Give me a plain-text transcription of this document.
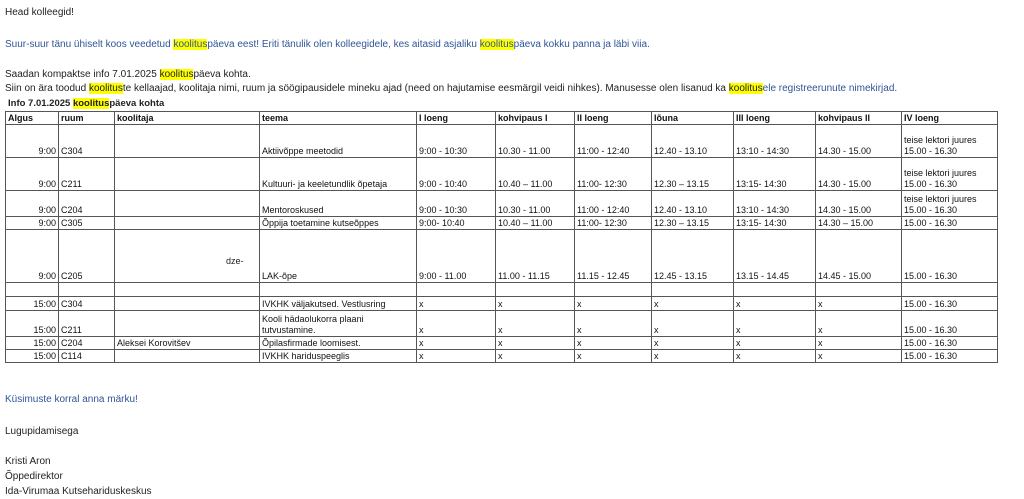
Head kolleegid!
Suur-suur tänu ühiselt koos veedetud koolituspäeva eest! Eriti tänulik olen kolleegidele, kes aitasid asjaliku koolituspäeva kokku panna ja läbi viia.
Saadan kompaktse info 7.01.2025 koolituspäeva kohta.
Siin on ära toodud koolituste kellaajad, koolitaja nimi, ruum ja söögipausidele mineku ajad (need on hajutamise eesmärgil veidi nihkes). Manusesse olen lisanud ka koolitusele registreerunute nimekirjad.
Info 7.01.2025 koolituspäeva kohta
Algus	ruum	koolitaja	teema	I loeng	kohvipaus I	II loeng	lõuna	III loeng	kohvipaus II	IV loeng
9:00	C304		Aktiivõppe meetodid	9:00 - 10:30	10.30 - 11.00	11:00 - 12:40	12.40 - 13.10	13:10 - 14:30	14.30 - 15.00	teise lektori juures
15.00 - 16.30
9:00	C211		Kultuuri- ja keeletundlik õpetaja	9:00 - 10:40	10.40 – 11.00	11:00- 12:30	12.30 – 13.15	13:15- 14:30	14.30 - 15.00	teise lektori juures
15.00 - 16.30
9:00	C204		Mentoroskused	9:00 - 10:30	10.30 - 11.00	11:00 - 12:40	12.40 - 13.10	13:10 - 14:30	14.30 - 15.00	teise lektori juures
15.00 - 16.30
9:00	C305		Õppija toetamine kutseõppes	9:00- 10:40	10.40 – 11.00	11:00- 12:30	12.30 – 13.15	13:15- 14:30	14.30 – 15.00	15.00 - 16.30
9:00	C205		LAK-õpe	9:00 - 11.00	11.00 - 11.15	11.15 - 12.45	12.45 - 13.15	13.15 - 14.45	14.45 - 15.00	15.00 - 16.30

15:00	C304		IVKHK väljakutsed. Vestlusring	x	x	x	x	x	x	15.00 - 16.30
15:00	C211		Kooli hädaolukorra plaani
tutvustamine.	x	x	x	x	x	x	15.00 - 16.30
15:00	C204	Aleksei Korovitšev	Õpilasfirmade loomisest.	x	x	x	x	x	x	15.00 - 16.30
15:00	C114		IVKHK hariduspeeglis	x	x	x	x	x	x	15.00 - 16.30
dze-
Küsimuste korral anna märku!
Lugupidamisega
Kristi Aron
Õppedirektor
Ida-Virumaa Kutsehariduskeskus
